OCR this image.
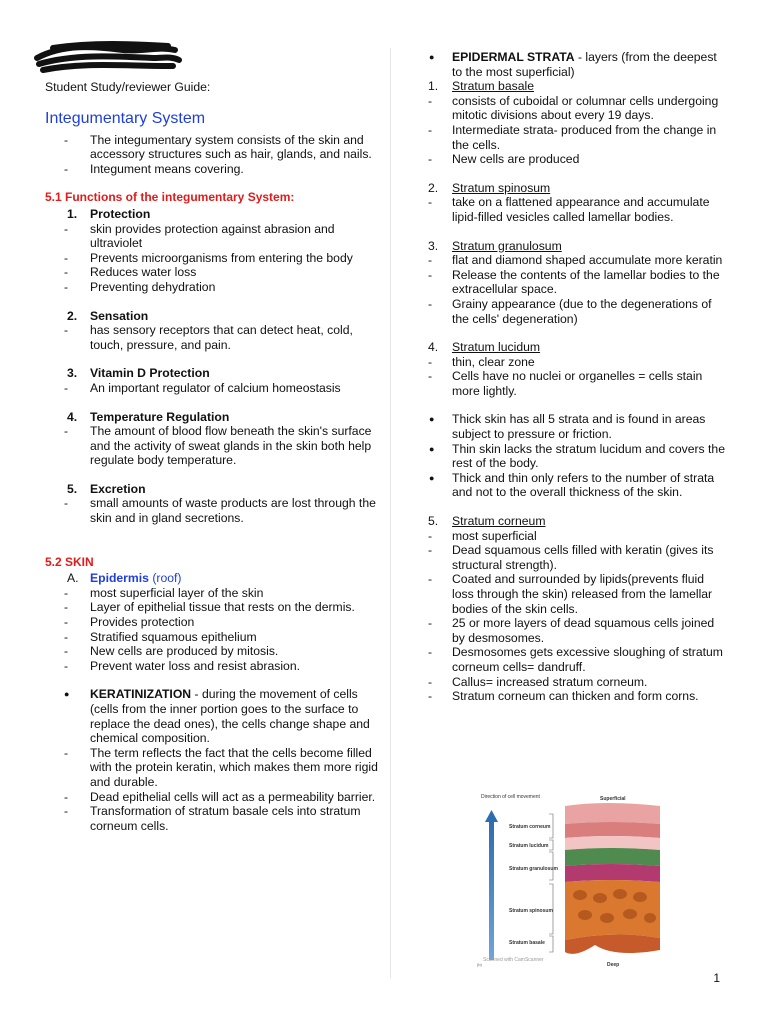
Student Study/reviewer Guide:

Integumentary System

- The integumentary system consists of the skin and accessory structures such as hair, glands, and nails.

- Integument means covering.

5.1 Functions of the integumentary System:

1. Protection

- skin provides protection against abrasion and ultraviolet

- Prevents microorganisms from entering the body

- Reduces water loss

- Preventing dehydration

2. Sensation

- has sensory receptors that can detect heat, cold, touch, pressure, and pain.

3. Vitamin D Protection

- An important regulator of calcium homeostasis

4. Temperature Regulation

- The amount of blood flow beneath the skin's surface and the activity of sweat glands in the skin both help regulate body temperature.

5. Excretion

- small amounts of waste products are lost through the skin and in gland secretions.

5.2 SKIN

A. Epidermis (roof)

- most superficial layer of the skin

- Layer of epithelial tissue that rests on the dermis.

- Provides protection

- Stratified squamous epithelium

- New cells are produced by mitosis.

- Prevent water loss and resist abrasion.

● KERATINIZATION - during the movement of cells (cells from the inner portion goes to the surface to replace the dead ones), the cells change shape and chemical composition.

- The term reflects the fact that the cells become filled with the protein keratin, which makes them more rigid and durable.

- Dead epithelial cells will act as a permeability barrier.

- Transformation of stratum basale cels into stratum corneum cells.

● EPIDERMAL STRATA - layers (from the deepest to the most superficial)

1. Stratum basale

- consists of cuboidal or columnar cells undergoing mitotic divisions about every 19 days.

- Intermediate strata- produced from the change in the cells.

- New cells are produced

2. Stratum spinosum

- take on a flattened appearance and accumulate lipid-filled vesicles called lamellar bodies.

3. Stratum granulosum

- flat and diamond shaped accumulate more keratin

- Release the contents of the lamellar bodies to the extracellular space.

- Grainy appearance (due to the degenerations of the cells' degeneration)

4. Stratum lucidum

- thin, clear zone

- Cells have no nuclei or organelles = cells stain more lightly.

● Thick skin has all 5 strata and is found in areas subject to pressure or friction.

● Thin skin lacks the stratum lucidum and covers the rest of the body.

● Thick and thin only refers to the number of strata and not to the overall thickness of the skin.

5. Stratum corneum

- most superficial

- Dead squamous cells filled with keratin (gives its structural strength).

- Coated and surrounded by lipids(prevents fluid loss through the skin) released from the lamellar bodies of the skin cells.

- 25 or more layers of dead squamous cells joined by desmosomes.

- Desmosomes gets excessive sloughing of stratum corneum cells= dandruff.

- Callus= increased stratum corneum.

- Stratum corneum can thicken and form corns.

Direction of cell movement
Stratum corneum
Stratum lucidum
Stratum granulosum
Stratum spinosum
Stratum basale
Superficial
Deep
(b)
Scanned with CamScanner
1
